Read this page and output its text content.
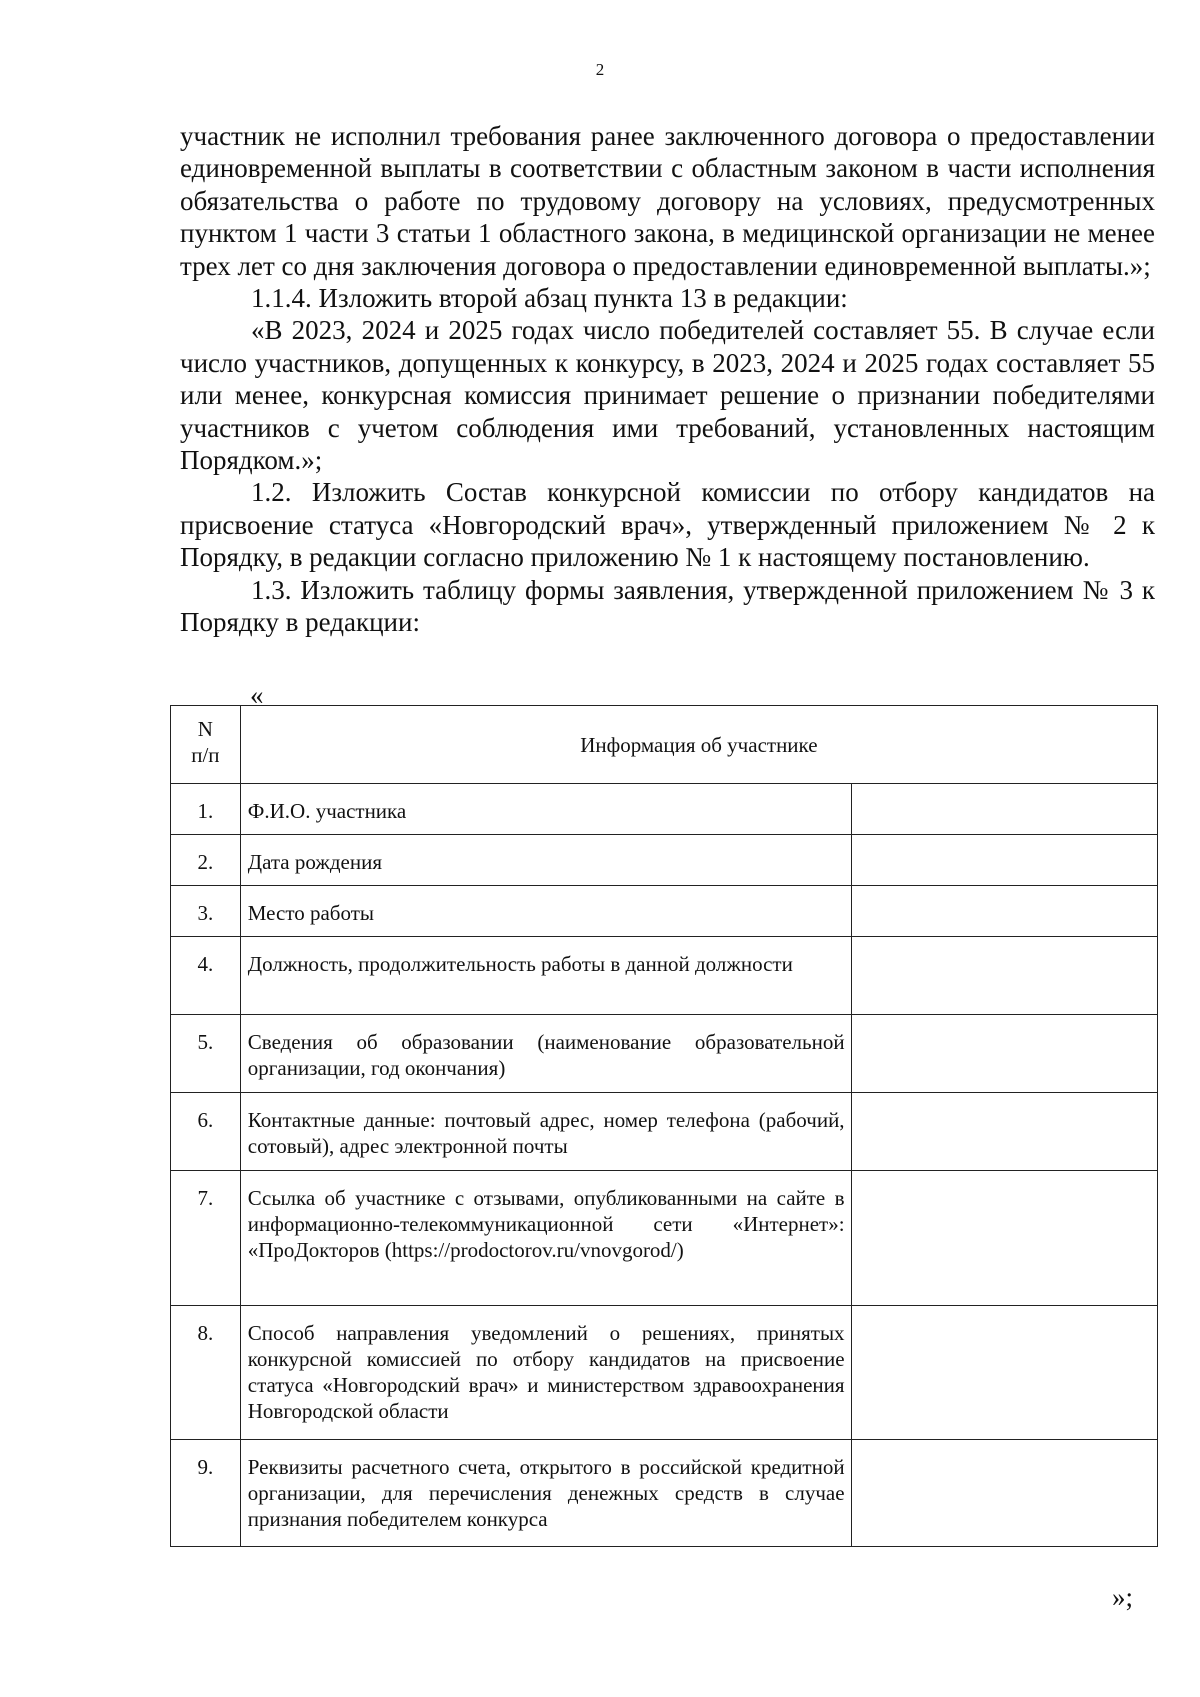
2

участник не исполнил требования ранее заключенного договора о предоставлении единовременной выплаты в соответствии с областным законом в части исполнения обязательства о работе по трудовому договору на условиях, предусмотренных пунктом 1 части 3 статьи 1 областного закона, в медицинской организации не менее трех лет со дня заключения договора о предоставлении единовременной выплаты.»;

1.1.4. Изложить второй абзац пункта 13 в редакции:

«В 2023, 2024 и 2025 годах число победителей составляет 55. В случае если число участников, допущенных к конкурсу, в 2023, 2024 и 2025 годах составляет 55 или менее, конкурсная комиссия принимает решение о признании победителями участников с учетом соблюдения ими требований, установленных настоящим Порядком.»;

1.2. Изложить Состав конкурсной комиссии по отбору кандидатов на присвоение статуса «Новгородский врач», утвержденный приложением № 2 к Порядку, в редакции согласно приложению № 1 к настоящему постановлению.

1.3. Изложить таблицу формы заявления, утвержденной приложением № 3 к Порядку в редакции:

«
N
п/п	Информация об участнике	
1.	Ф.И.О. участника	
2.	Дата рождения	
3.	Место работы	
4.	Должность, продолжительность работы в данной должности	
5.	Сведения об образовании (наименование образовательной организации, год окончания)	
6.	Контактные данные: почтовый адрес, номер телефона (рабочий, сотовый), адрес электронной почты	
7.	Ссылка об участнике с отзывами, опубликованными на сайте в информационно-телекоммуникационной сети «Интернет»: «ПроДокторов (https://prodoctorov.ru/vnovgorod/)	
8.	Способ направления уведомлений о решениях, принятых конкурсной комиссией по отбору кандидатов на присвоение статуса «Новгородский врач» и министерством здравоохранения Новгородской области	
9.	Реквизиты расчетного счета, открытого в российской кредитной организации, для перечисления денежных средств в случае признания победителем конкурса	
»;
